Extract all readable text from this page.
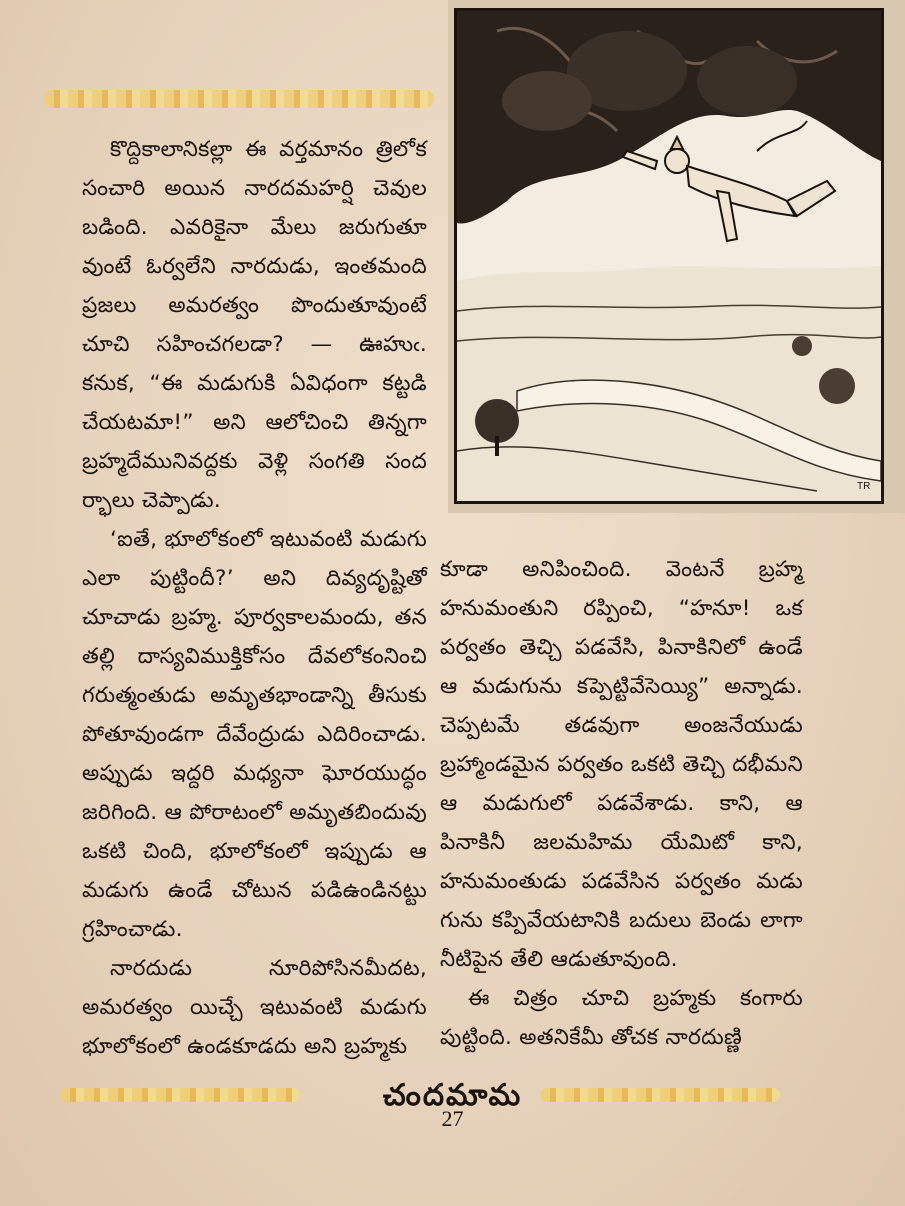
TR

కొద్దికాలానికల్లా ఈ వర్తమానం త్రిలోక సంచారి అయిన నారదమహర్షి చెవుల బడింది. ఎవరికైనా మేలు జరుగుతూ వుంటే ఓర్వలేని నారదుడు, ఇంతమంది ప్రజలు అమరత్వం పొందుతూవుంటే చూచి సహించగలడా? — ఊహుఁ. కనుక, “ఈ మడుగుకి ఏవిధంగా కట్టడి చేయటమా!” అని ఆలోచించి తిన్నగా బ్రహ్మదేమునివద్దకు వెళ్లి సంగతి సంద ర్భాలు చెప్పాడు.

‘ఐతే, భూలోకంలో ఇటువంటి మడుగు ఎలా పుట్టిందీ?’ అని దివ్యదృష్టితో చూచాడు బ్రహ్మ. పూర్వకాలమందు, తన తల్లి దాస్యవిముక్తికోసం దేవలోకంనించి గరుత్మంతుడు అమృతభాండాన్ని తీసుకు పోతూవుండగా దేవేంద్రుడు ఎదిరించాడు. అప్పుడు ఇద్దరి మధ్యనా ఘోరయుద్ధం జరిగింది. ఆ పోరాటంలో అమృతబిందువు ఒకటి చింది, భూలోకంలో ఇప్పుడు ఆ మడుగు ఉండే చోటున పడిఉండినట్టు గ్రహించాడు.

నారదుడు నూరిపోసినమీదట, అమరత్వం యిచ్చే ఇటువంటి మడుగు భూలోకంలో ఉండకూడదు అని బ్రహ్మకు

కూడా అనిపించింది. వెంటనే బ్రహ్మ హనుమంతుని రప్పించి, “హనూ! ఒక పర్వతం తెచ్చి పడవేసి, పినాకినిలో ఉండే ఆ మడుగును కప్పెట్టివేసెయ్యి” అన్నాడు. చెప్పటమే తడవుగా అంజనేయుడు బ్రహ్మాండమైన పర్వతం ఒకటి తెచ్చి దభీమని ఆ మడుగులో పడవేశాడు. కాని, ఆ పినాకినీ జలమహిమ యేమిటో కాని, హనుమంతుడు పడవేసిన పర్వతం మడు గును కప్పివేయటానికి బదులు బెండు లాగా నీటిపైన తేలి ఆడుతూవుంది.

ఈ చిత్రం చూచి బ్రహ్మకు కంగారు పుట్టింది. అతనికేమీ తోచక నారదుణ్ణి

చందమామ
27
